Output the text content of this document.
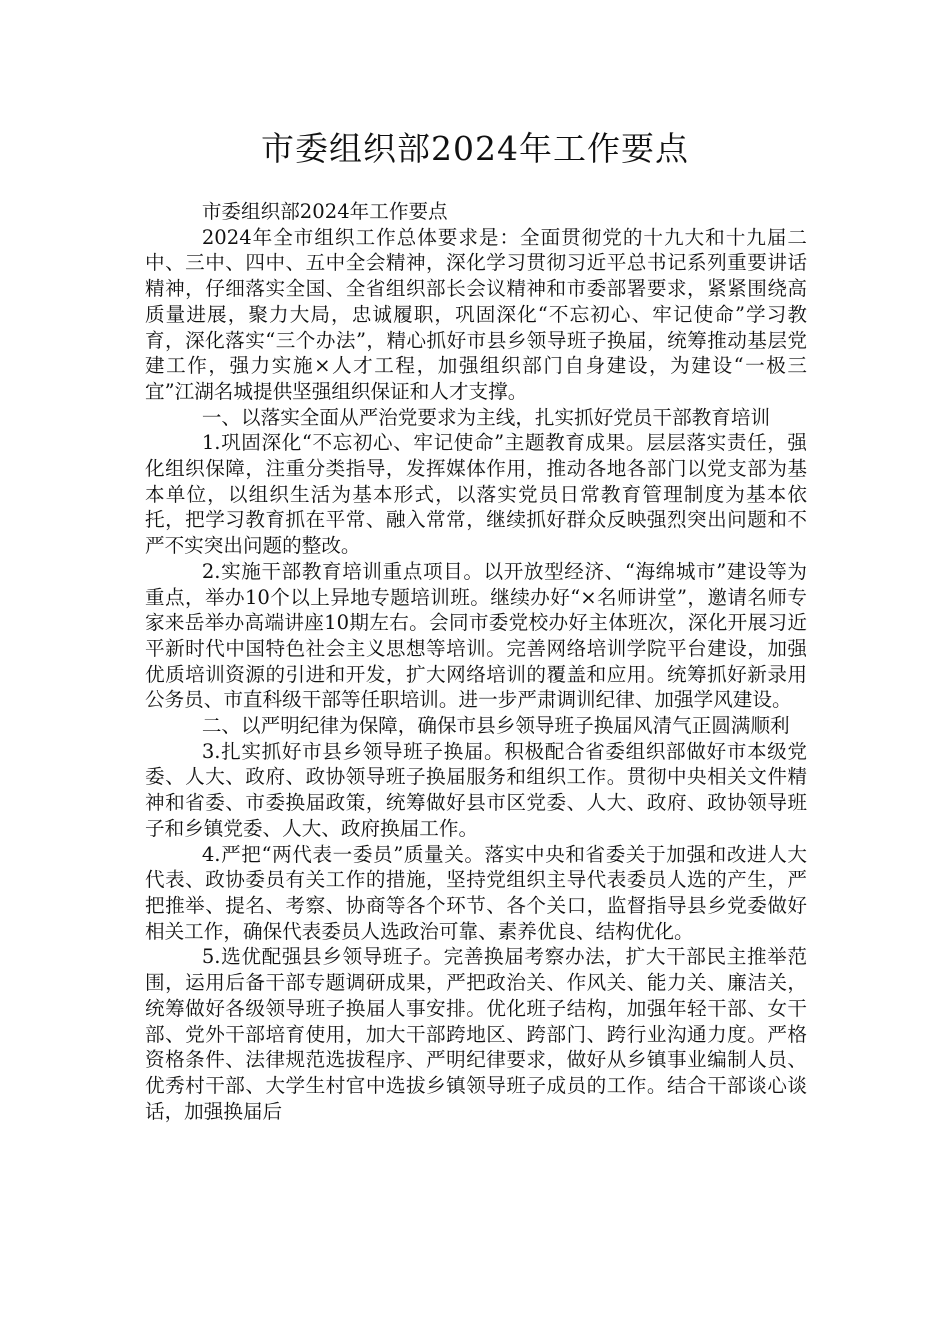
市委组织部2024年工作要点

市委组织部2024年工作要点

2024年全市组织工作总体要求是：全面贯彻党的十九大和十九届二中、三中、四中、五中全会精神，深化学习贯彻习近平总书记系列重要讲话精神，仔细落实全国、全省组织部长会议精神和市委部署要求，紧紧围绕高质量进展，聚力大局，忠诚履职，巩固深化“不忘初心、牢记使命”学习教育，深化落实“三个办法”，精心抓好市县乡领导班子换届，统筹推动基层党建工作，强力实施×人才工程，加强组织部门自身建设，为建设“一极三宜”江湖名城提供坚强组织保证和人才支撑。

一、以落实全面从严治党要求为主线，扎实抓好党员干部教育培训

1.巩固深化“不忘初心、牢记使命”主题教育成果。层层落实责任，强化组织保障，注重分类指导，发挥媒体作用，推动各地各部门以党支部为基本单位，以组织生活为基本形式，以落实党员日常教育管理制度为基本依托，把学习教育抓在平常、融入常常，继续抓好群众反映强烈突出问题和不严不实突出问题的整改。

2.实施干部教育培训重点项目。以开放型经济、“海绵城市”建设等为重点，举办10个以上异地专题培训班。继续办好“×名师讲堂”，邀请名师专家来岳举办高端讲座10期左右。会同市委党校办好主体班次，深化开展习近平新时代中国特色社会主义思想等培训。完善网络培训学院平台建设，加强优质培训资源的引进和开发，扩大网络培训的覆盖和应用。统筹抓好新录用公务员、市直科级干部等任职培训。进一步严肃调训纪律、加强学风建设。

二、以严明纪律为保障，确保市县乡领导班子换届风清气正圆满顺利

3.扎实抓好市县乡领导班子换届。积极配合省委组织部做好市本级党委、人大、政府、政协领导班子换届服务和组织工作。贯彻中央相关文件精神和省委、市委换届政策，统筹做好县市区党委、人大、政府、政协领导班子和乡镇党委、人大、政府换届工作。

4.严把“两代表一委员”质量关。落实中央和省委关于加强和改进人大代表、政协委员有关工作的措施，坚持党组织主导代表委员人选的产生，严把推举、提名、考察、协商等各个环节、各个关口，监督指导县乡党委做好相关工作，确保代表委员人选政治可靠、素养优良、结构优化。

5.选优配强县乡领导班子。完善换届考察办法，扩大干部民主推举范围，运用后备干部专题调研成果，严把政治关、作风关、能力关、廉洁关，统筹做好各级领导班子换届人事安排。优化班子结构，加强年轻干部、女干部、党外干部培育使用，加大干部跨地区、跨部门、跨行业沟通力度。严格资格条件、法律规范选拔程序、严明纪律要求，做好从乡镇事业编制人员、优秀村干部、大学生村官中选拔乡镇领导班子成员的工作。结合干部谈心谈话，加强换届后
